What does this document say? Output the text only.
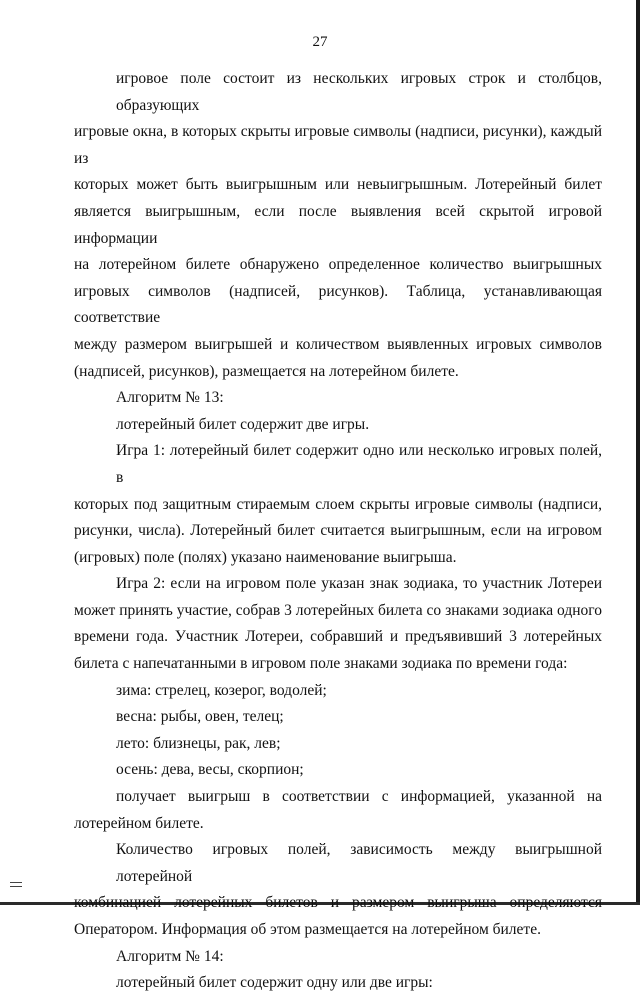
27

игровое поле состоит из нескольких игровых строк и столбцов, образующих

игровые окна, в которых скрыты игровые символы (надписи, рисунки), каждый из

которых может быть выигрышным или невыигрышным. Лотерейный билет

является выигрышным, если после выявления всей скрытой игровой информации

на лотерейном билете обнаружено определенное количество выигрышных

игровых символов (надписей, рисунков). Таблица, устанавливающая соответствие

между размером выигрышей и количеством выявленных игровых символов

(надписей, рисунков), размещается на лотерейном билете.

Алгоритм № 13:

лотерейный билет содержит две игры.

Игра 1: лотерейный билет содержит одно или несколько игровых полей, в

которых под защитным стираемым слоем скрыты игровые символы (надписи,

рисунки, числа). Лотерейный билет считается выигрышным, если на игровом

(игровых) поле (полях) указано наименование выигрыша.

Игра 2: если на игровом поле указан знак зодиака, то участник Лотереи

может принять участие, собрав 3 лотерейных билета со знаками зодиака одного

времени года. Участник Лотереи, собравший и предъявивший 3 лотерейных

билета с напечатанными в игровом поле знаками зодиака по времени года:

зима: стрелец, козерог, водолей;

весна: рыбы, овен, телец;

лето: близнецы, рак, лев;

осень: дева, весы, скорпион;

получает выигрыш в соответствии с информацией, указанной на

лотерейном билете.

Количество игровых полей, зависимость между выигрышной лотерейной

комбинацией лотерейных билетов и размером выигрыша определяются

Оператором. Информация об этом размещается на лотерейном билете.

Алгоритм № 14:

лотерейный билет содержит одну или две игры:
